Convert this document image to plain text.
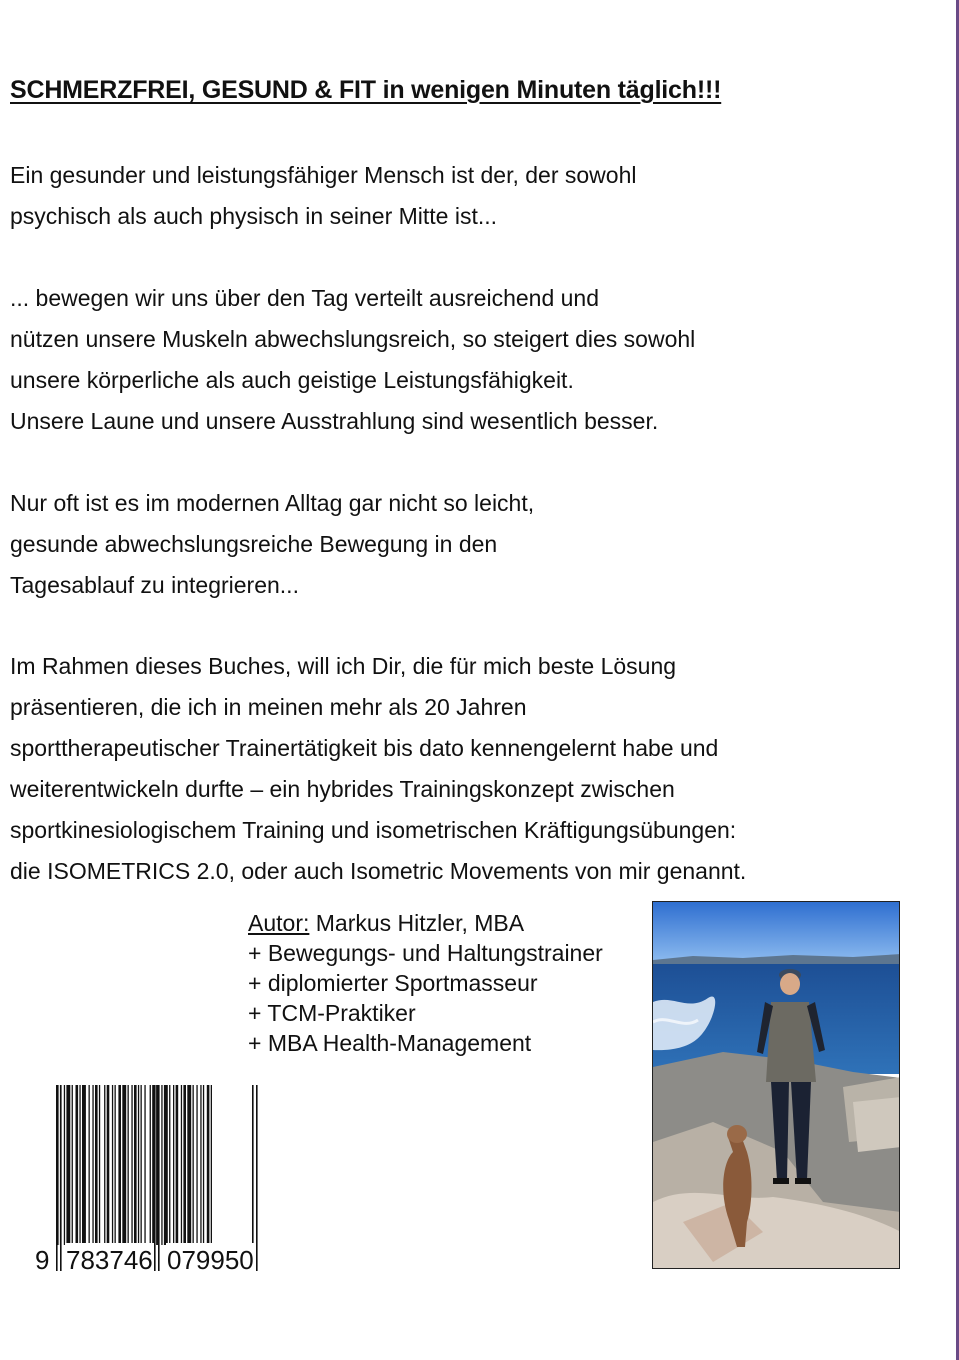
SCHMERZFREI, GESUND & FIT in wenigen Minuten täglich!!!
Ein gesunder und leistungsfähiger Mensch ist der, der sowohl
psychisch als auch physisch in seiner Mitte ist...
... bewegen wir uns über den Tag verteilt ausreichend und
nützen unsere Muskeln abwechslungsreich, so steigert dies sowohl
unsere körperliche als auch geistige Leistungsfähigkeit.
Unsere Laune und unsere Ausstrahlung sind wesentlich besser.
Nur oft ist es im modernen Alltag gar nicht so leicht,
gesunde abwechslungsreiche Bewegung in den
Tagesablauf zu integrieren...
Im Rahmen dieses Buches, will ich Dir, die für mich beste Lösung
präsentieren, die ich in meinen mehr als 20 Jahren
sporttherapeutischer Trainertätigkeit bis dato kennengelernt habe und
weiterentwickeln durfte – ein hybrides Trainingskonzept zwischen
sportkinesiologischem Training und isometrischen Kräftigungsübungen:
die ISOMETRICS 2.0, oder auch Isometric Movements von mir genannt.
Autor: Markus Hitzler, MBA
+ Bewegungs- und Haltungstrainer
+ diplomierter Sportmasseur
+ TCM-Praktiker
+ MBA Health-Management
9 783746 079950
